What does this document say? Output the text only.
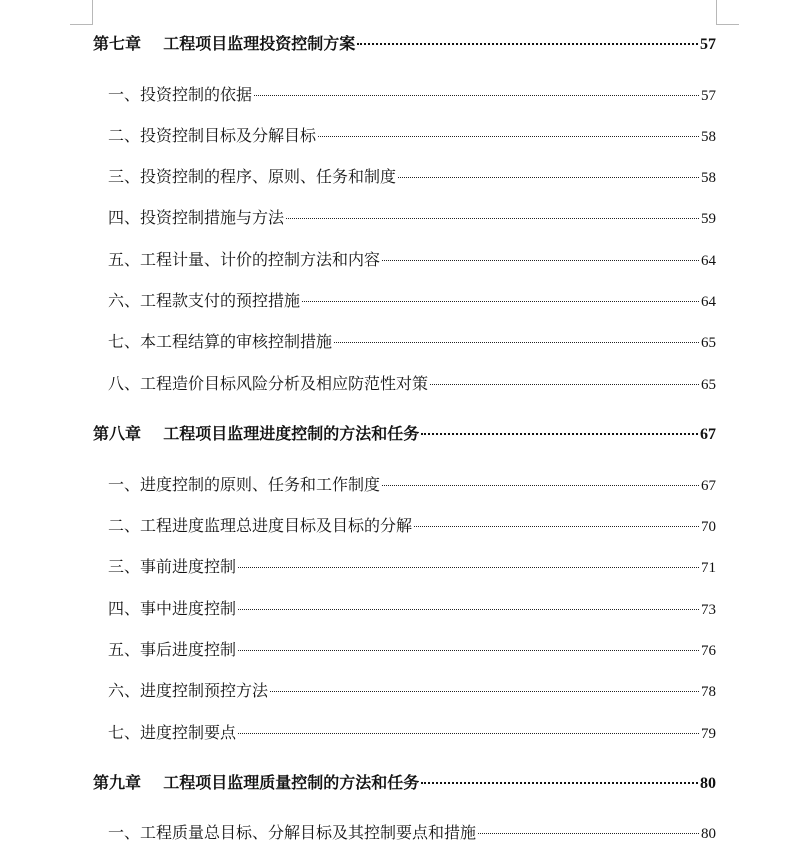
第七章    工程项目监理投资控制方案	57
一、投资控制的依据	57
二、投资控制目标及分解目标	58
三、投资控制的程序、原则、任务和制度	58
四、投资控制措施与方法	59
五、工程计量、计价的控制方法和内容	64
六、工程款支付的预控措施	64
七、本工程结算的审核控制措施	65
八、工程造价目标风险分析及相应防范性对策	65
第八章    工程项目监理进度控制的方法和任务	67
一、进度控制的原则、任务和工作制度	67
二、工程进度监理总进度目标及目标的分解	70
三、事前进度控制	71
四、事中进度控制	73
五、事后进度控制	76
六、进度控制预控方法	78
七、进度控制要点	79
第九章    工程项目监理质量控制的方法和任务	80
一、工程质量总目标、分解目标及其控制要点和措施	80
